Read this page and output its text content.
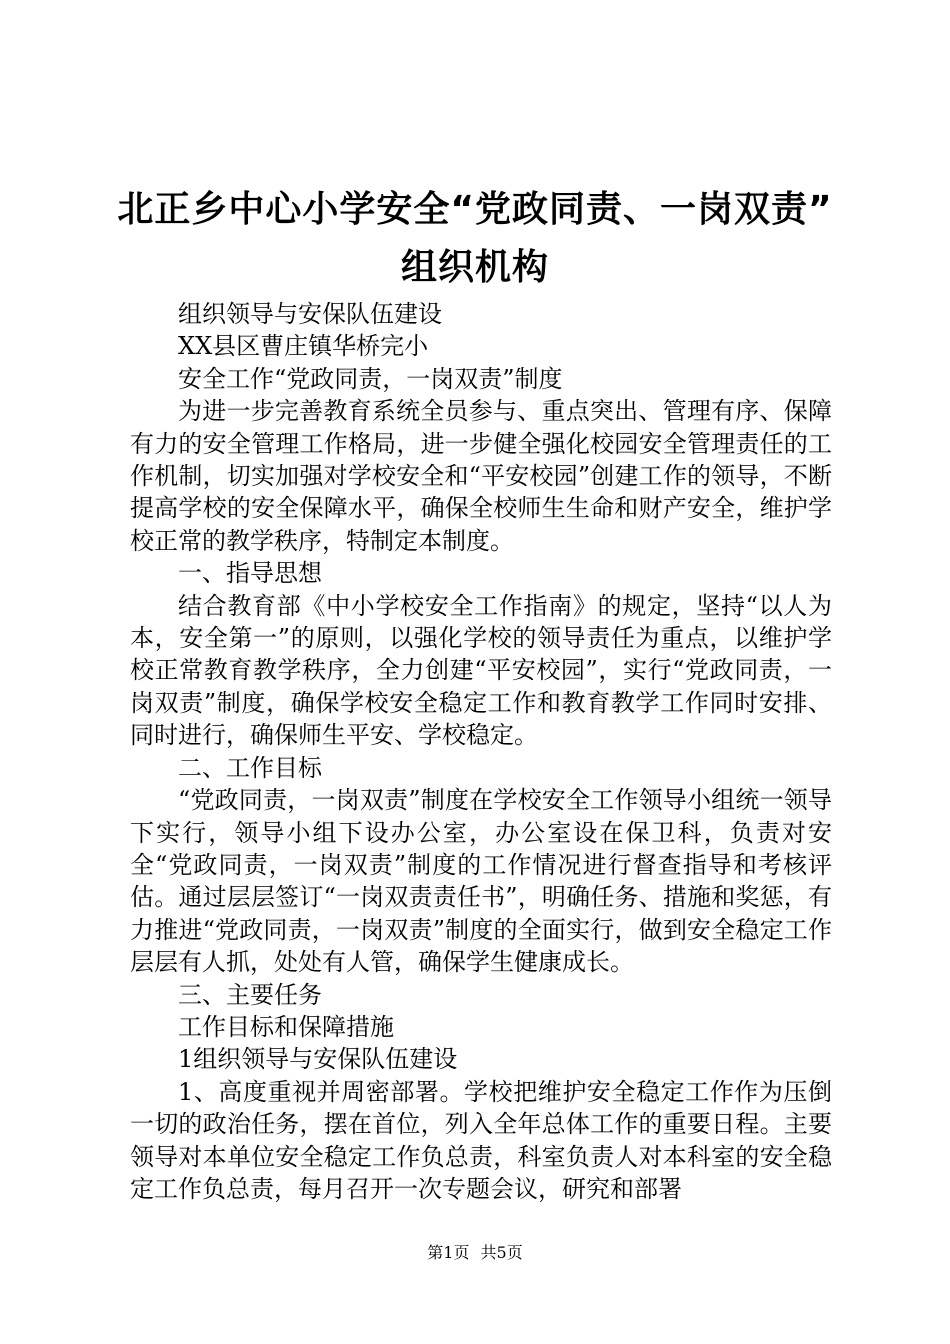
北正乡中心小学安全“党政同责、一岗双责”
组织机构

组织领导与安保队伍建设

XX县区曹庄镇华桥完小

安全工作“党政同责，一岗双责”制度

为进一步完善教育系统全员参与、重点突出、管理有序、保障有力的安全管理工作格局，进一步健全强化校园安全管理责任的工作机制，切实加强对学校安全和“平安校园”创建工作的领导，不断提高学校的安全保障水平，确保全校师生生命和财产安全，维护学校正常的教学秩序，特制定本制度。

一、指导思想

结合教育部《中小学校安全工作指南》的规定，坚持“以人为本，安全第一”的原则，以强化学校的领导责任为重点，以维护学校正常教育教学秩序，全力创建“平安校园”，实行“党政同责，一岗双责”制度，确保学校安全稳定工作和教育教学工作同时安排、同时进行，确保师生平安、学校稳定。

二、工作目标

“党政同责，一岗双责”制度在学校安全工作领导小组统一领导下实行，领导小组下设办公室，办公室设在保卫科，负责对安全“党政同责，一岗双责”制度的工作情况进行督查指导和考核评估。通过层层签订“一岗双责责任书”，明确任务、措施和奖惩，有力推进“党政同责，一岗双责”制度的全面实行，做到安全稳定工作层层有人抓，处处有人管，确保学生健康成长。

三、主要任务

工作目标和保障措施

1组织领导与安保队伍建设

1、高度重视并周密部署。学校把维护安全稳定工作作为压倒一切的政治任务，摆在首位，列入全年总体工作的重要日程。主要领导对本单位安全稳定工作负总责，科室负责人对本科室的安全稳定工作负总责，每月召开一次专题会议，研究和部署

第1页 共5页
